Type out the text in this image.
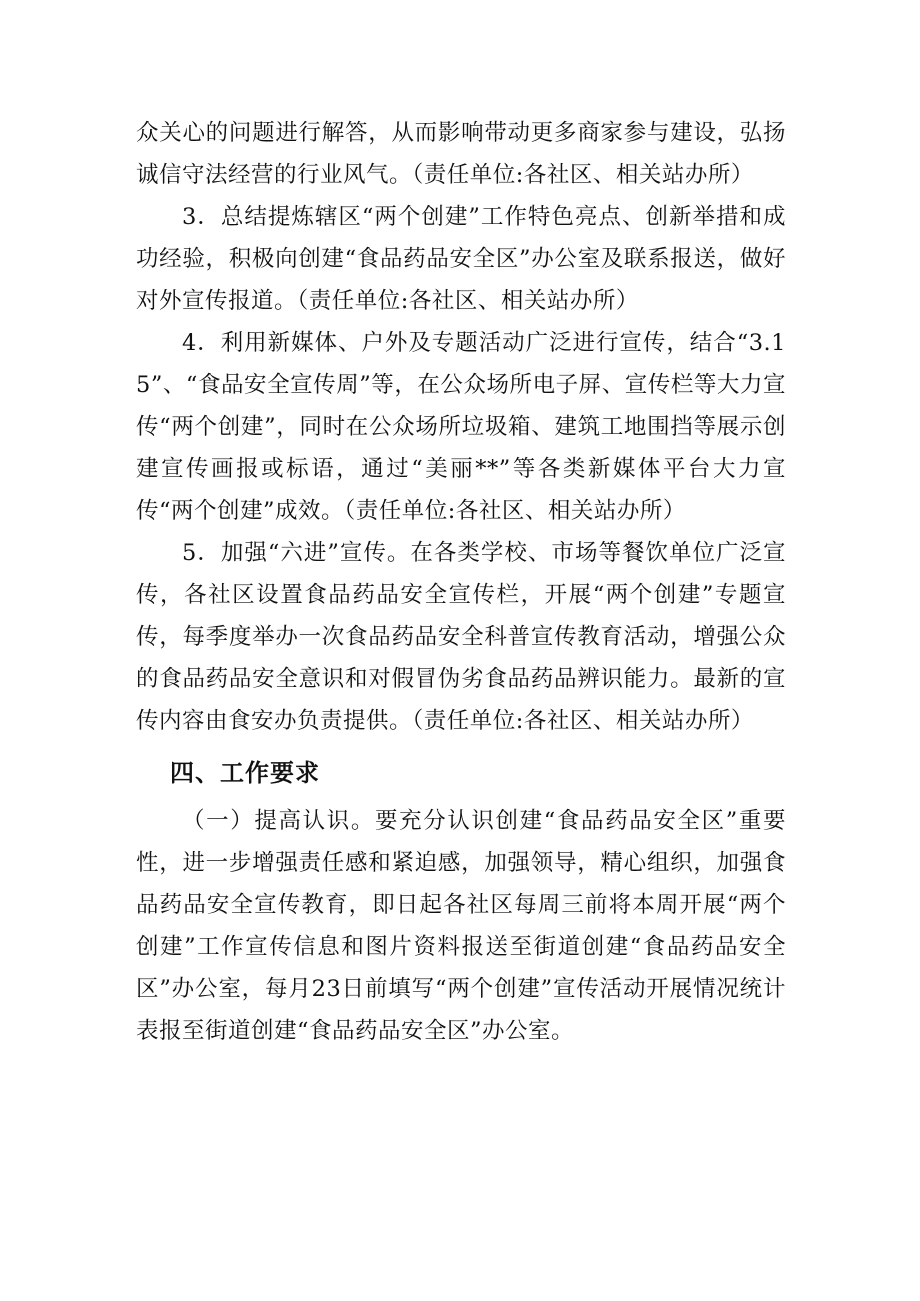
众关心的问题进行解答，从而影响带动更多商家参与建设，弘扬诚信守法经营的行业风气。（责任单位:各社区、相关站办所）

3．总结提炼辖区“两个创建”工作特色亮点、创新举措和成功经验，积极向创建“食品药品安全区”办公室及联系报送，做好对外宣传报道。（责任单位:各社区、相关站办所）

4．利用新媒体、户外及专题活动广泛进行宣传，结合“3.15”、“食品安全宣传周”等，在公众场所电子屏、宣传栏等大力宣传“两个创建”，同时在公众场所垃圾箱、建筑工地围挡等展示创建宣传画报或标语，通过“美丽**”等各类新媒体平台大力宣传“两个创建”成效。（责任单位:各社区、相关站办所）

5．加强“六进”宣传。在各类学校、市场等餐饮单位广泛宣传，各社区设置食品药品安全宣传栏，开展“两个创建”专题宣传，每季度举办一次食品药品安全科普宣传教育活动，增强公众的食品药品安全意识和对假冒伪劣食品药品辨识能力。最新的宣传内容由食安办负责提供。（责任单位:各社区、相关站办所）

四、工作要求

（一）提高认识。要充分认识创建“食品药品安全区”重要性，进一步增强责任感和紧迫感，加强领导，精心组织，加强食品药品安全宣传教育，即日起各社区每周三前将本周开展“两个创建”工作宣传信息和图片资料报送至街道创建“食品药品安全区”办公室，每月23日前填写“两个创建”宣传活动开展情况统计表报至街道创建“食品药品安全区”办公室。
